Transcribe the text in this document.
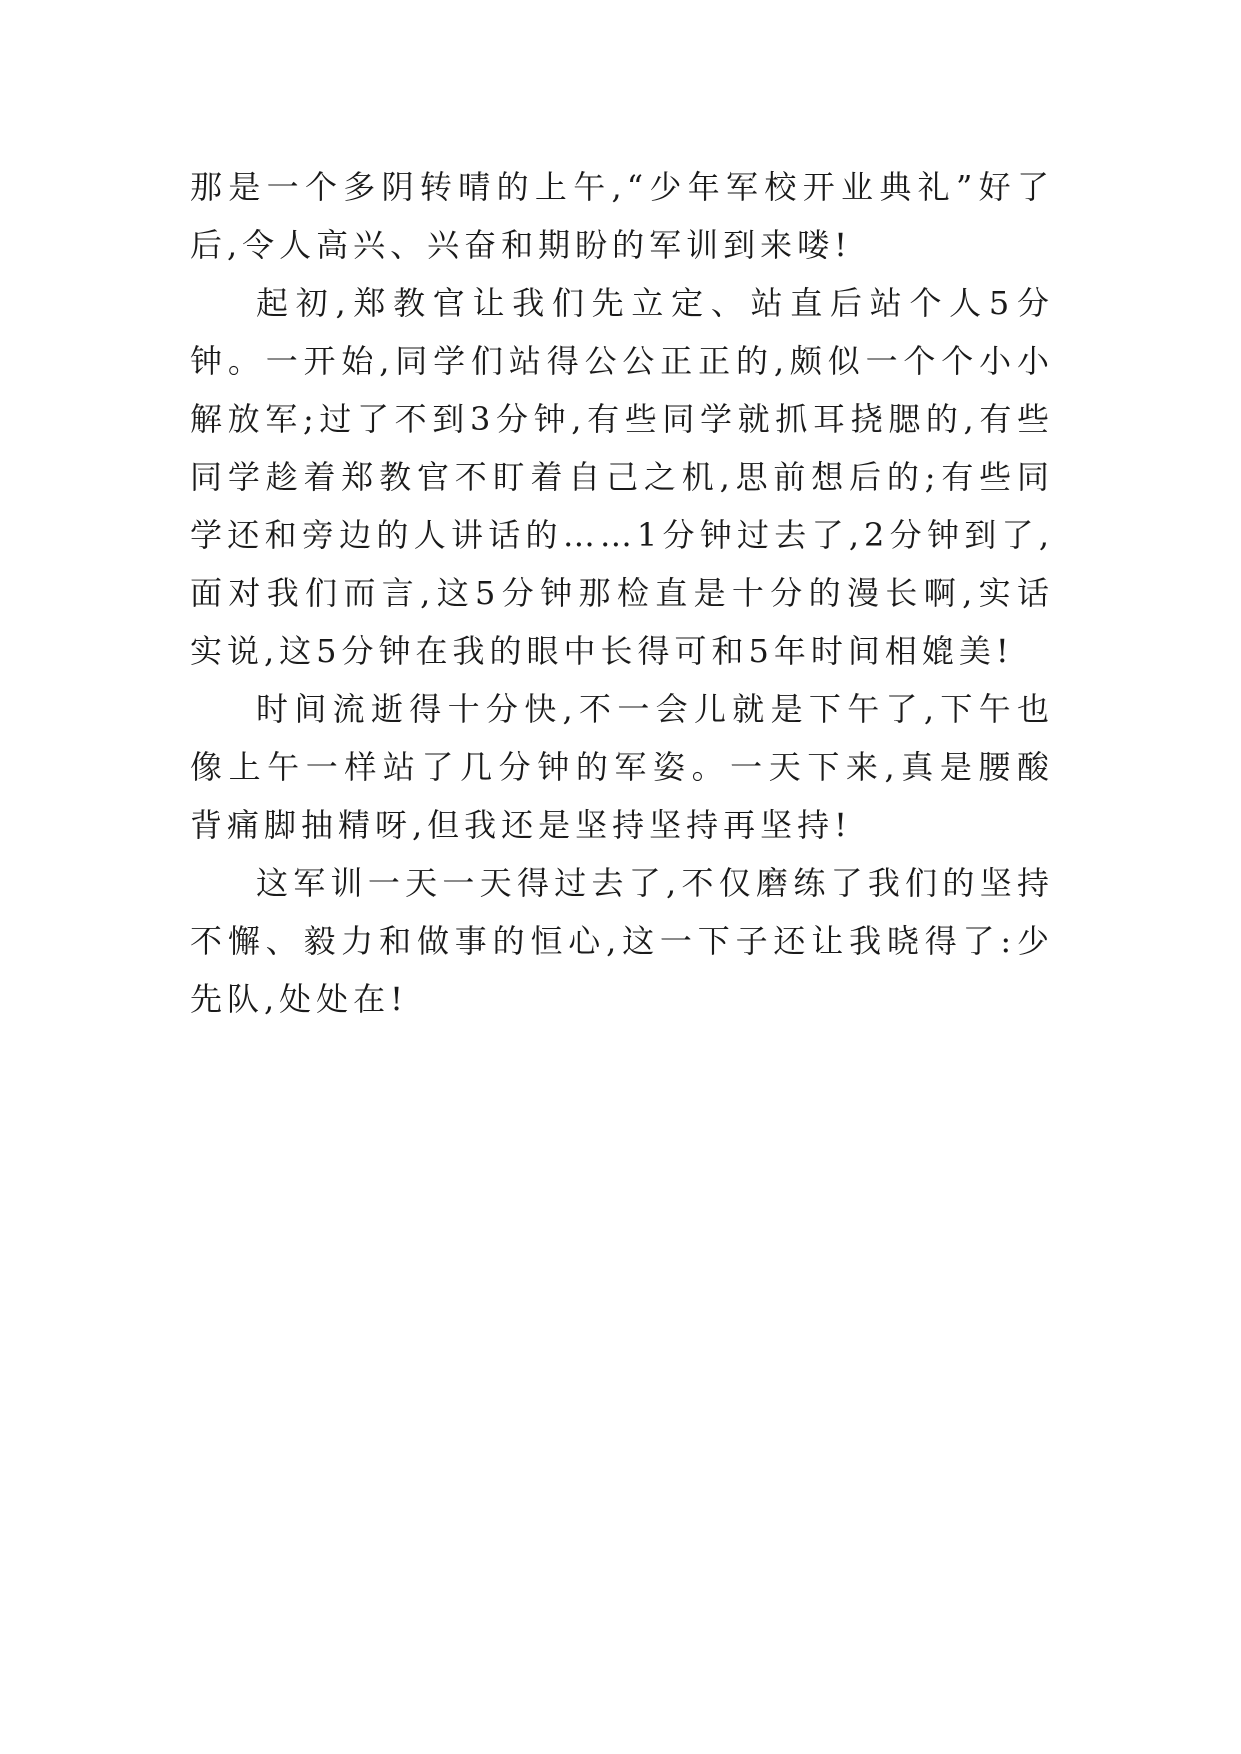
那是一个多阴转晴的上午,“少年军校开业典礼”好了后,令人高兴、兴奋和期盼的军训到来喽!

起初,郑教官让我们先立定、站直后站个人5分钟。一开始,同学们站得公公正正的,颇似一个个小小解放军;过了不到3分钟,有些同学就抓耳挠腮的,有些同学趁着郑教官不盯着自己之机,思前想后的;有些同学还和旁边的人讲话的……1分钟过去了,2分钟到了,面对我们而言,这5分钟那检直是十分的漫长啊,实话实说,这5分钟在我的眼中长得可和5年时间相媲美!

时间流逝得十分快,不一会儿就是下午了,下午也像上午一样站了几分钟的军姿。一天下来,真是腰酸背痛脚抽精呀,但我还是坚持坚持再坚持!

这军训一天一天得过去了,不仅磨练了我们的坚持不懈、毅力和做事的恒心,这一下子还让我晓得了:少先队,处处在!
